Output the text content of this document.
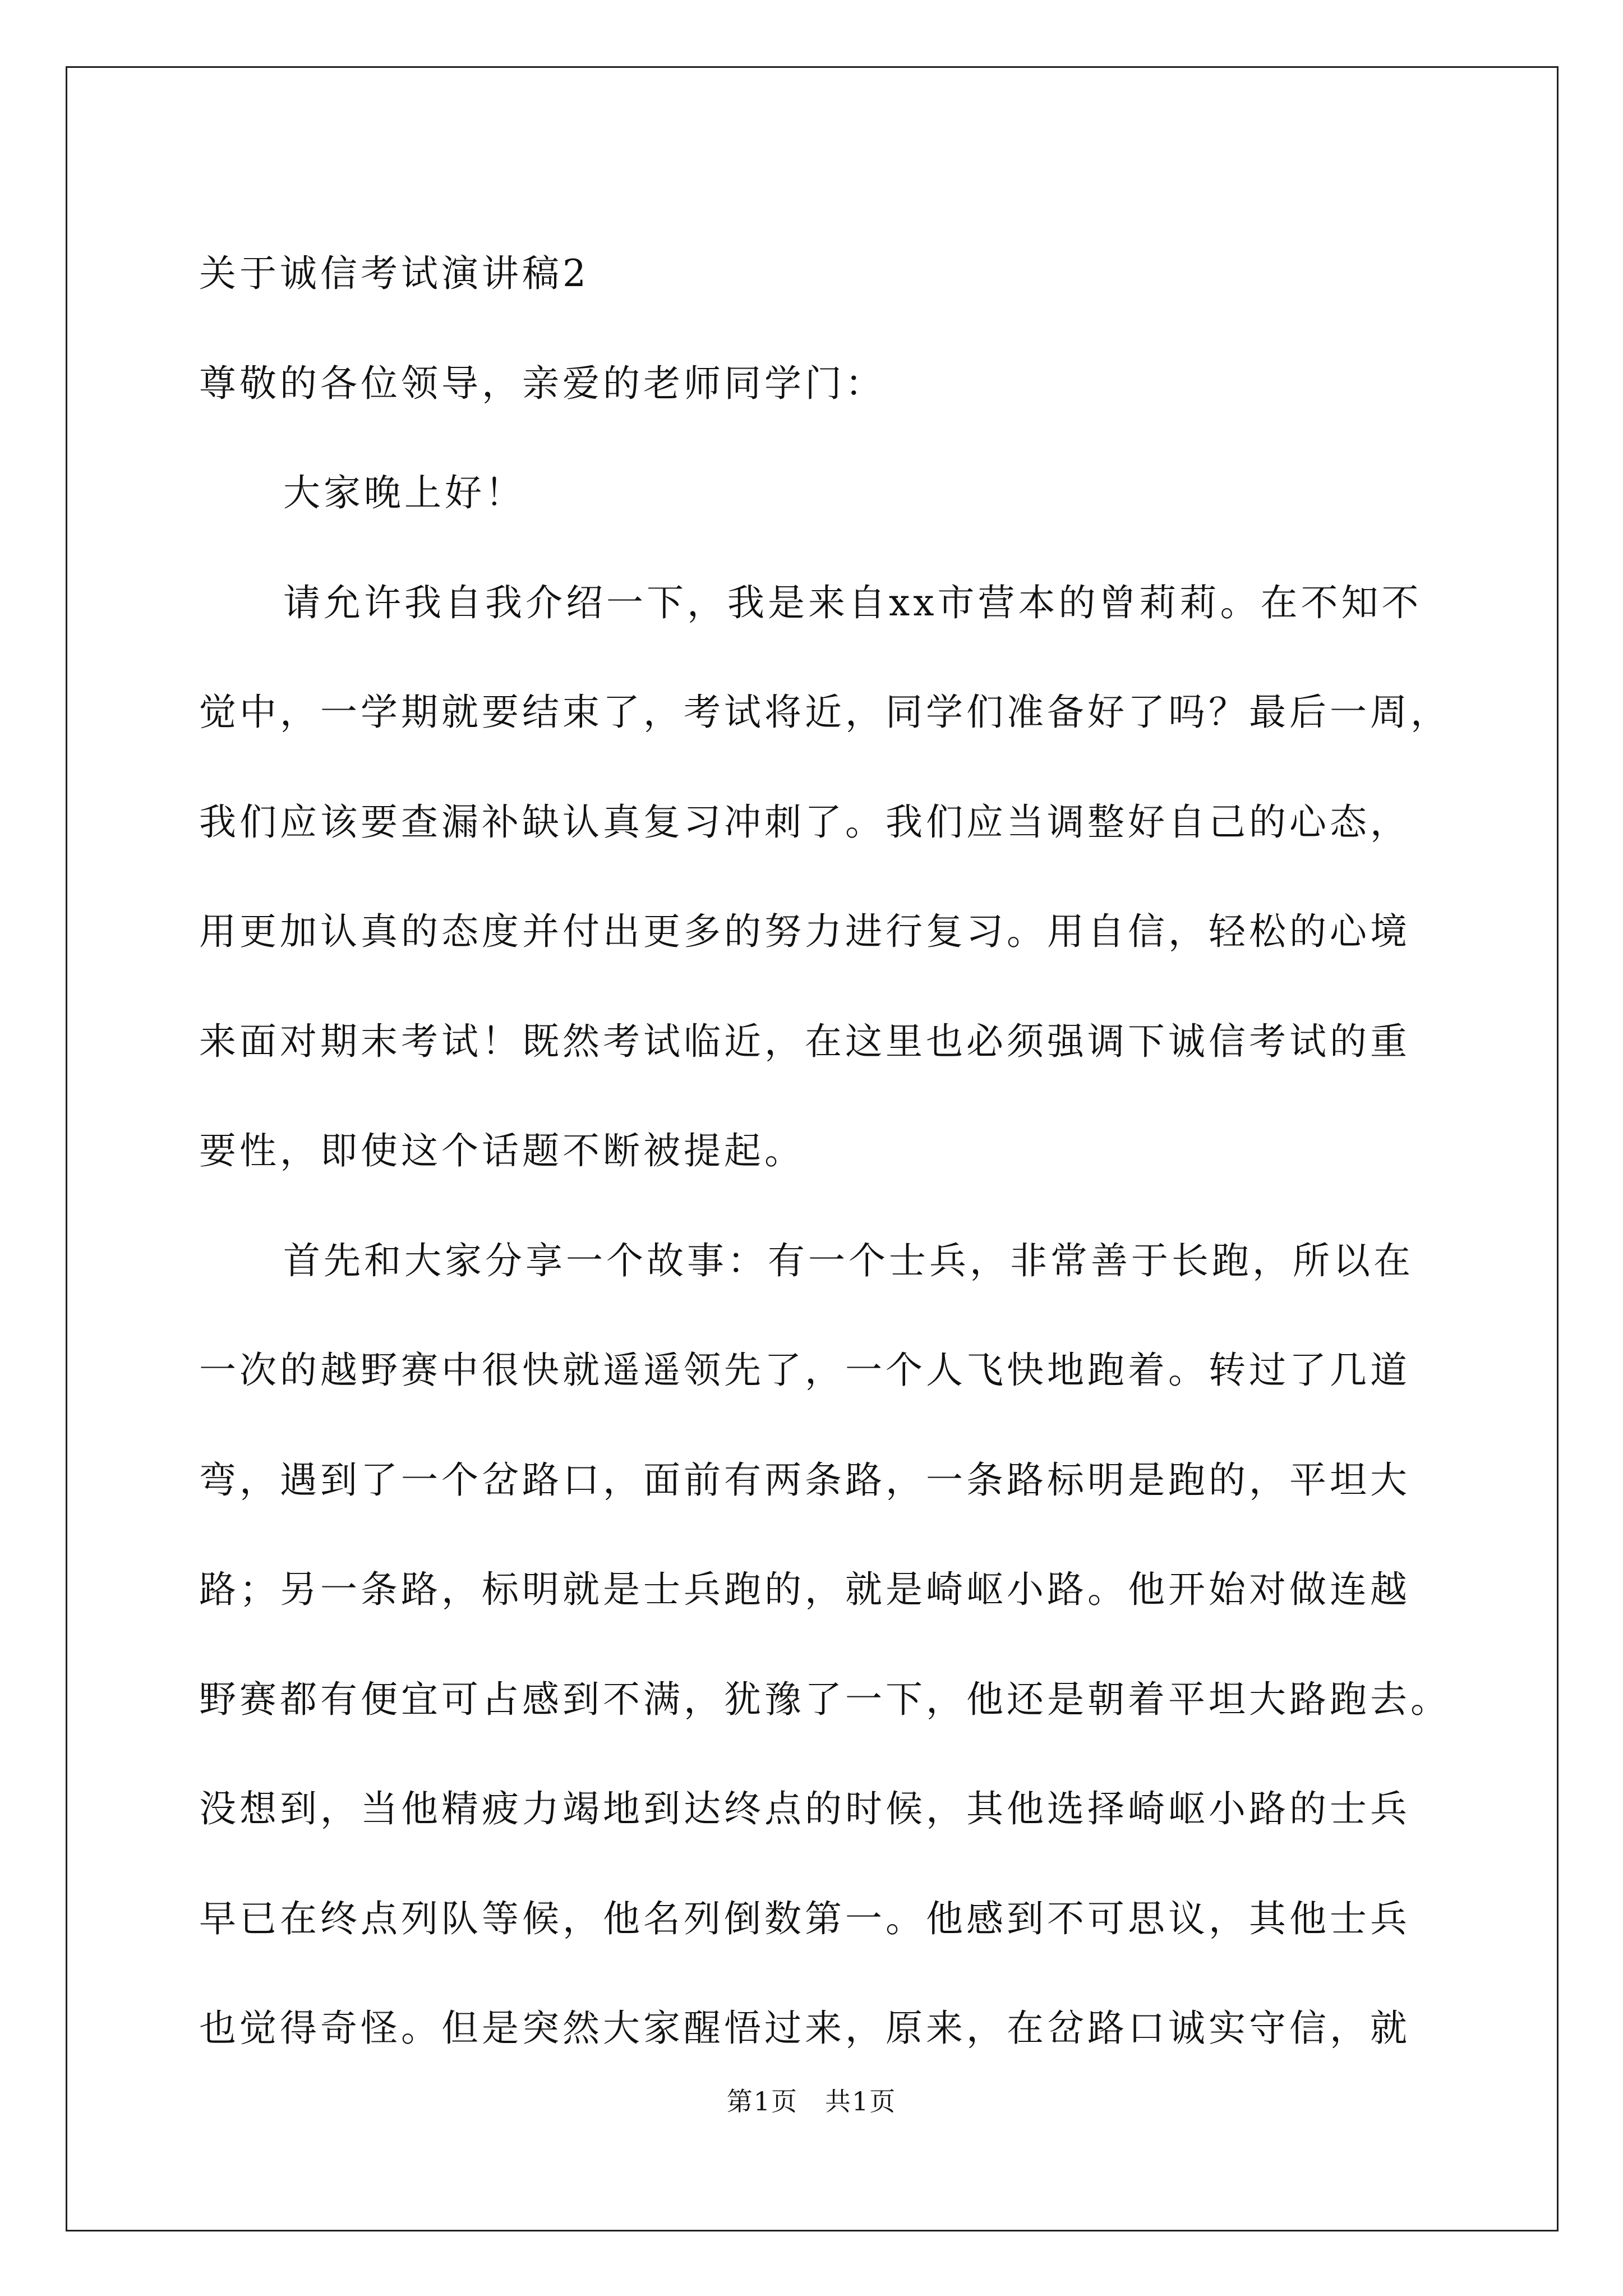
关于诚信考试演讲稿2
尊敬的各位领导，亲爱的老师同学门：
大家晚上好！
请允许我自我介绍一下，我是来自xx市营本的曾莉莉。在不知不
觉中，一学期就要结束了，考试将近，同学们准备好了吗？最后一周，
我们应该要查漏补缺认真复习冲刺了。我们应当调整好自己的心态，
用更加认真的态度并付出更多的努力进行复习。用自信，轻松的心境
来面对期末考试！既然考试临近，在这里也必须强调下诚信考试的重
要性，即使这个话题不断被提起。
首先和大家分享一个故事：有一个士兵，非常善于长跑，所以在
一次的越野赛中很快就遥遥领先了，一个人飞快地跑着。转过了几道
弯，遇到了一个岔路口，面前有两条路，一条路标明是跑的，平坦大
路；另一条路，标明就是士兵跑的，就是崎岖小路。他开始对做连越
野赛都有便宜可占感到不满，犹豫了一下，他还是朝着平坦大路跑去。
没想到，当他精疲力竭地到达终点的时候，其他选择崎岖小路的士兵
早已在终点列队等候，他名列倒数第一。他感到不可思议，其他士兵
也觉得奇怪。但是突然大家醒悟过来，原来，在岔路口诚实守信，就
第1页　共1页
